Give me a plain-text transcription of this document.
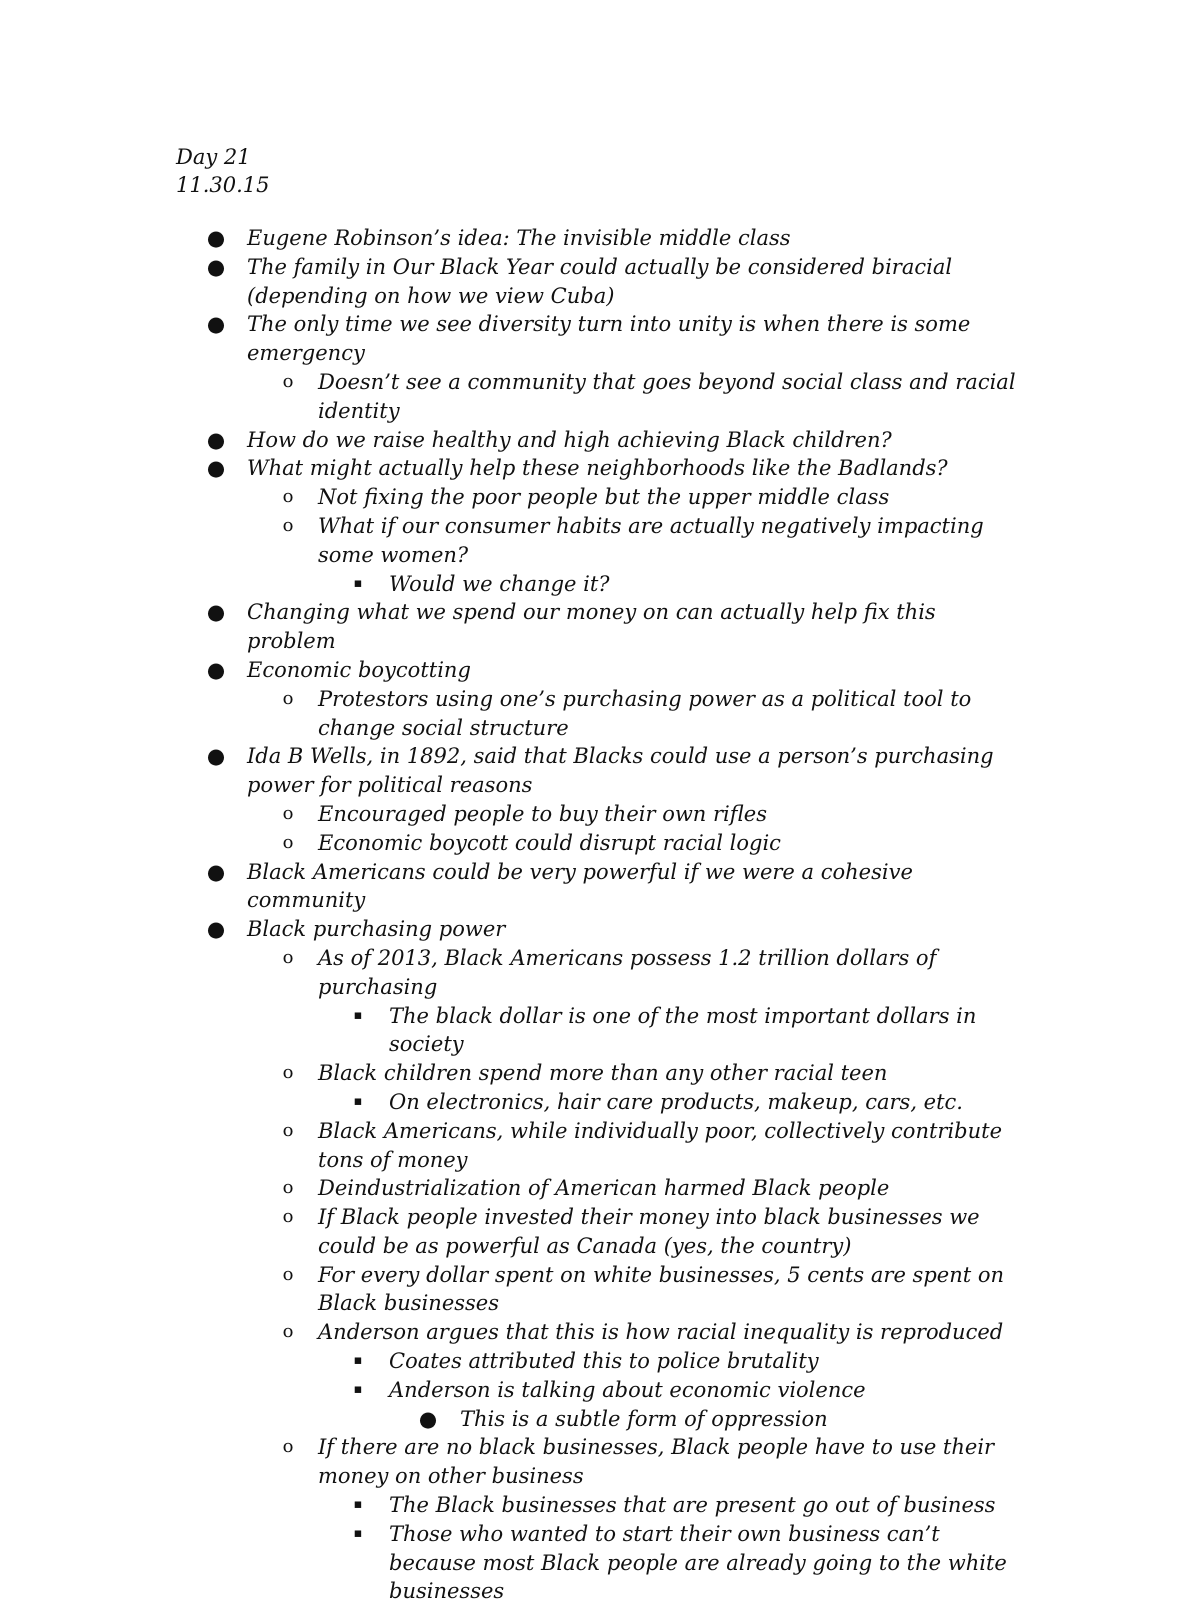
Day 21
11.30.15
● Eugene Robinson’s idea: The invisible middle class
● The family in Our Black Year could actually be considered biracial (depending on how we view Cuba)
● The only time we see diversity turn into unity is when there is some emergency
o	Doesn’t see a community that goes beyond social class and racial identity
● How do we raise healthy and high achieving Black children?
● What might actually help these neighborhoods like the Badlands?
o	Not fixing the poor people but the upper middle class
o	What if our consumer habits are actually negatively impacting some women?
▪	Would we change it?
● Changing what we spend our money on can actually help fix this problem
● Economic boycotting
o	Protestors using one’s purchasing power as a political tool to change social structure
● Ida B Wells, in 1892, said that Blacks could use a person’s purchasing power for political reasons
o	Encouraged people to buy their own rifles
o	Economic boycott could disrupt racial logic
● Black Americans could be very powerful if we were a cohesive community
● Black purchasing power
o	As of 2013, Black Americans possess 1.2 trillion dollars of purchasing
▪	The black dollar is one of the most important dollars in society
o	Black children spend more than any other racial teen
▪	On electronics, hair care products, makeup, cars, etc.
o	Black Americans, while individually poor, collectively contribute tons of money
o	Deindustrialization of American harmed Black people
o	If Black people invested their money into black businesses we could be as powerful as Canada (yes, the country)
o	For every dollar spent on white businesses, 5 cents are spent on Black businesses
o	Anderson argues that this is how racial inequality is reproduced
▪	Coates attributed this to police brutality
▪	Anderson is talking about economic violence
● This is a subtle form of oppression
o	If there are no black businesses, Black people have to use their money on other business
▪	The Black businesses that are present go out of business
▪	Those who wanted to start their own business can’t because most Black people are already going to the white businesses
